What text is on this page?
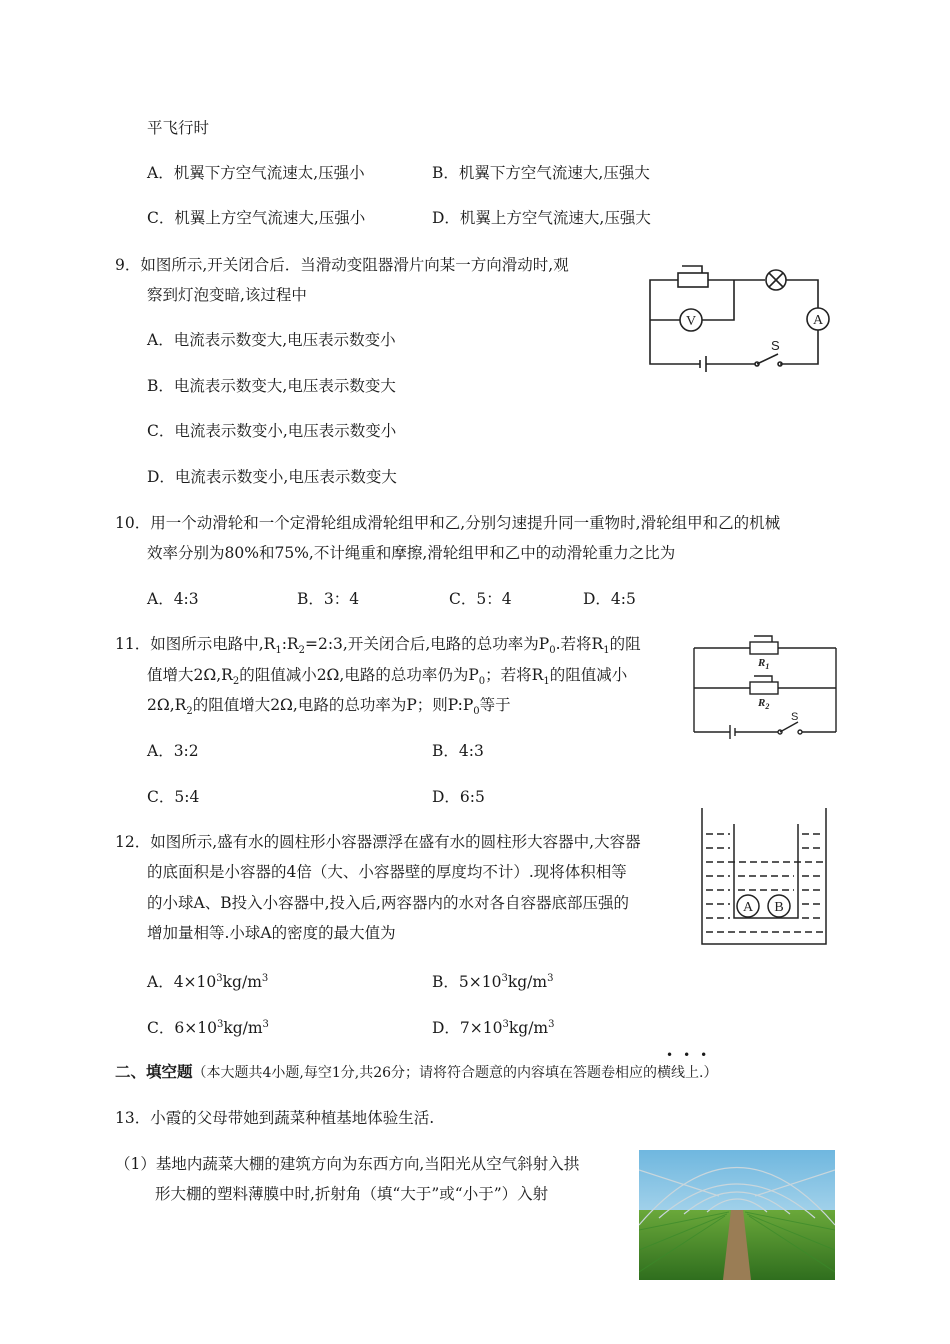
平飞行时
A．机翼下方空气流速太,压强小	B．机翼下方空气流速大,压强大
C．机翼上方空气流速大,压强小	D．机翼上方空气流速大,压强大
9．如图所示,开关闭合后．当滑动变阻器滑片向某一方向滑动时,观
察到灯泡变暗,该过程中
A．电流表示数变大,电压表示数变小
B．电流表示数变大,电压表示数变大
C．电流表示数变小,电压表示数变小
D．电流表示数变小,电压表示数变大
V	A
S
10．用一个动滑轮和一个定滑轮组成滑轮组甲和乙,分别匀速提升同一重物时,滑轮组甲和乙的机械
效率分别为80%和75%,不计绳重和摩擦,滑轮组甲和乙中的动滑轮重力之比为
A．4:3	B．3：4	C．5：4	D．4:5
11．如图所示电路中$,R_1:R_2=2:3$,开关闭合后,电路的总功率为$P_0$.若将$R_1$的阻
值增大$2\Omega,R_2$的阻值减小2Ω,电路的总功率仍为$P_0$；若将$R_1$的阻值减小
$2\Omega,R_2$的阻值增大2Ω,电路的总功率为P；则$P:P_0$等于
A．3:2	B．4:3
C．5:4	D．6:5
$R_1$
$R_2$
S
12．如图所示,盛有水的圆柱形小容器漂浮在盛有水的圆柱形大容器中,大容器
的底面积是小容器的4倍（大、小容器壁的厚度均不计）.现将体积相等
的小球A、B投入小容器中,投入后,两容器内的水对各自容器底部压强的
增加量相等.小球A的密度的最大值为
A．$4\times 10^3kg/m^3$	B．$5\times 10^3kg/m^3$
C．$6\times 10^3kg/m^3$	D．$7\times 10^3kg/m^3$
A B
•••
二、填空题（本大题共4小题,每空1分,共26分；请将符合题意的内容填在答题卷相应的横线上.）
13．小霞的父母带她到蔬菜种植基地体验生活.
（1）基地内蔬菜大棚的建筑方向为东西方向,当阳光从空气斜射入拱
形大棚的塑料薄膜中时,折射角（填“大于”或“小于”）入射
